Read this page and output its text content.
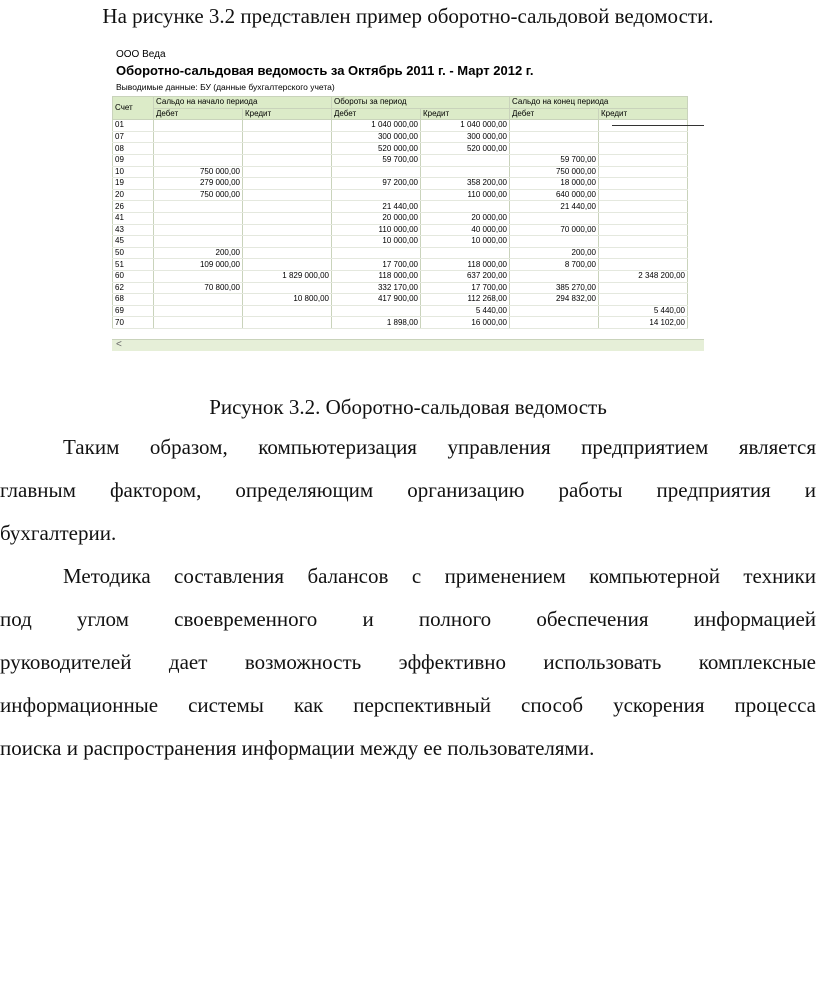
На рисунке 3.2 представлен пример оборотно-сальдовой ведомости.
ООО Веда
Оборотно-сальдовая ведомость за Октябрь 2011 г. - Март 2012 г.
Выводимые данные: БУ (данные бухгалтерского учета)
Счет	Сальдо на начало периода		Обороты за период		Сальдо на конец периода	
	Дебет	Кредит	Дебет	Кредит	Дебет	Кредит
01			1 040 000,00	1 040 000,00		
07			300 000,00	300 000,00		
08			520 000,00	520 000,00		
09			59 700,00		59 700,00	
10	750 000,00				750 000,00	
19	279 000,00		97 200,00	358 200,00	18 000,00	
20	750 000,00			110 000,00	640 000,00	
26			21 440,00		21 440,00	
41			20 000,00	20 000,00		
43			110 000,00	40 000,00	70 000,00	
45			10 000,00	10 000,00		
50	200,00				200,00	
51	109 000,00		17 700,00	118 000,00	8 700,00	
60		1 829 000,00	118 000,00	637 200,00		2 348 200,00
62	70 800,00		332 170,00	17 700,00	385 270,00	
68		10 800,00	417 900,00	112 268,00	294 832,00	
69				5 440,00		5 440,00
70			1 898,00	16 000,00		14 102,00
<
Рисунок 3.2. Оборотно-сальдовая ведомость
Таким образом, компьютеризация управления предприятием является
главным фактором, определяющим организацию работы предприятия и
бухгалтерии.
Методика составления балансов с применением компьютерной техники
под углом своевременного и полного обеспечения информацией
руководителей дает возможность эффективно использовать комплексные
информационные системы как перспективный способ ускорения процесса
поиска и распространения информации между ее пользователями.
